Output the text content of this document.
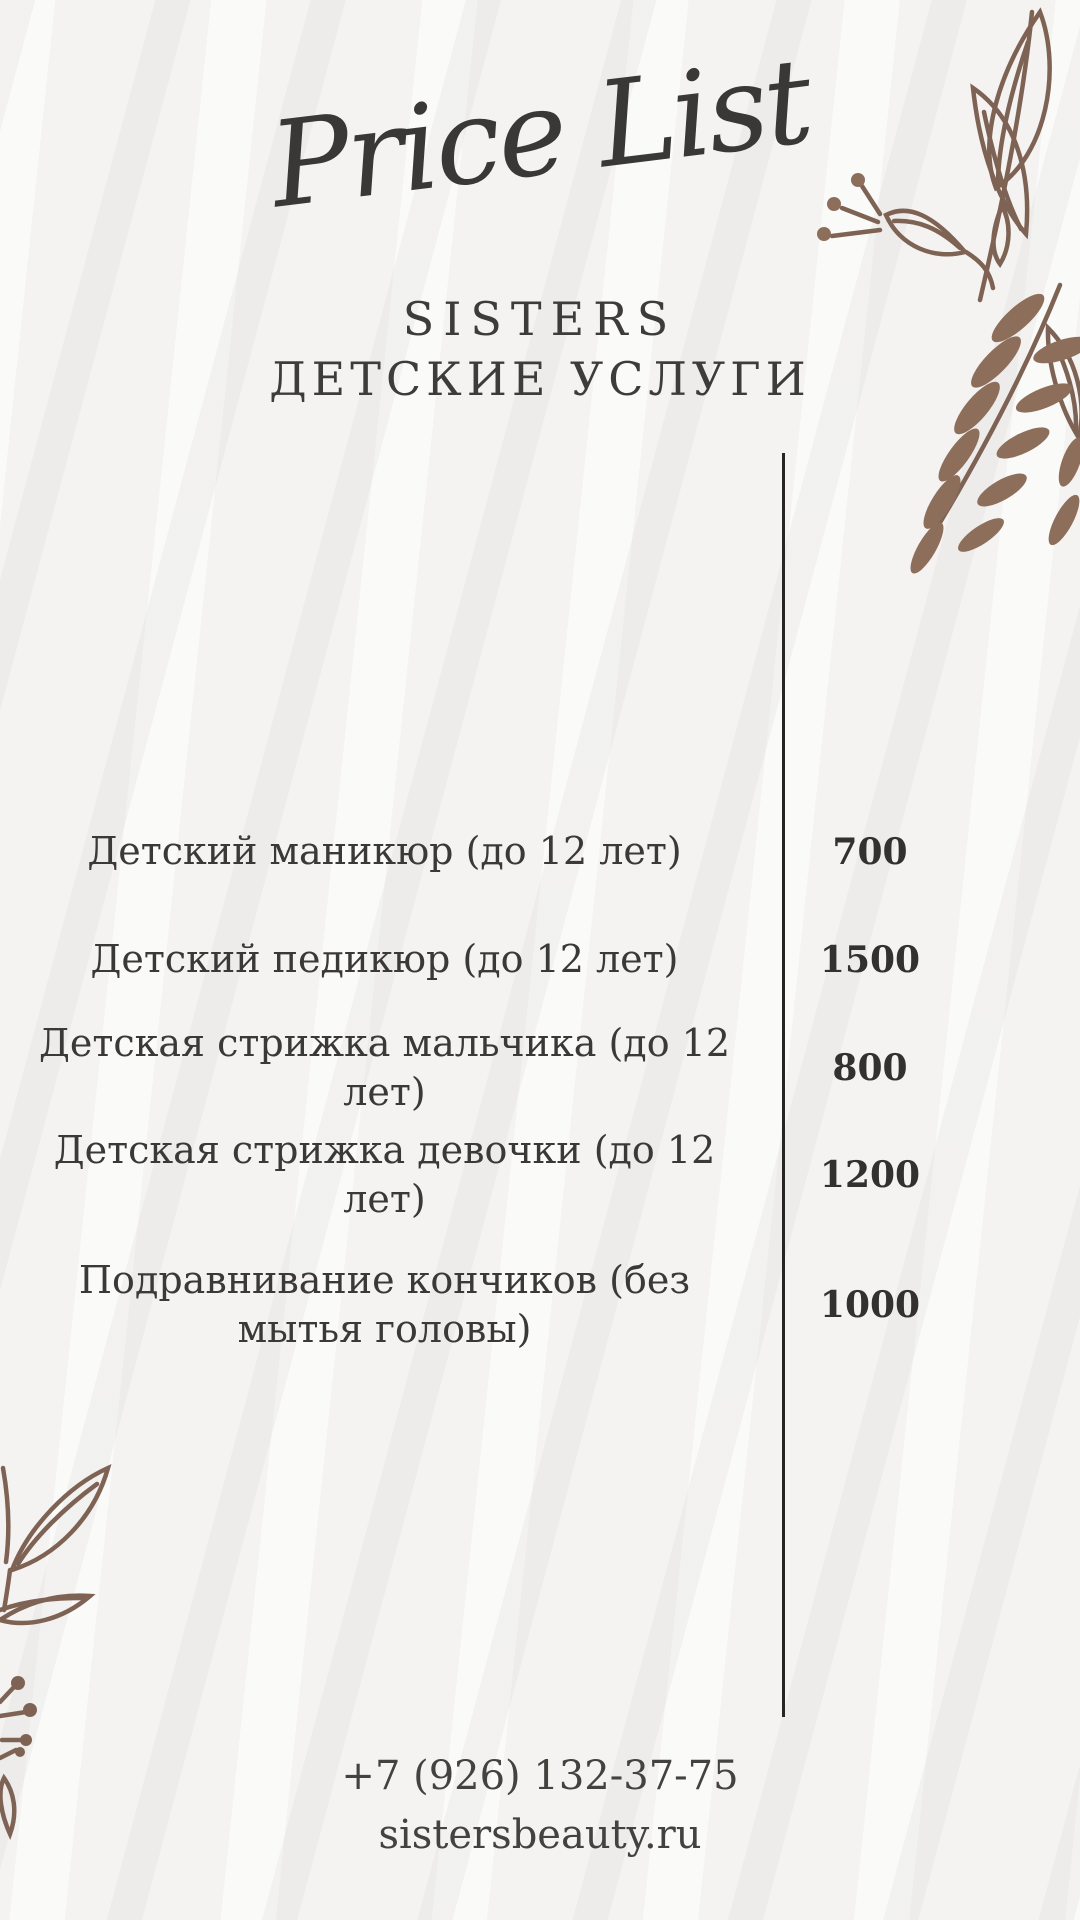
Price List
SISTERS
ДЕТСКИЕ УСЛУГИ
Детский маникюр (до 12 лет)	700
Детский педикюр (до 12 лет)	1500
Детская стрижка мальчика (до 12 лет)
800
Детская стрижка девочки (до 12 лет)
1200
Подравнивание кончиков (без мытья головы)
1000
+7 (926) 132-37-75
sistersbeauty.ru
